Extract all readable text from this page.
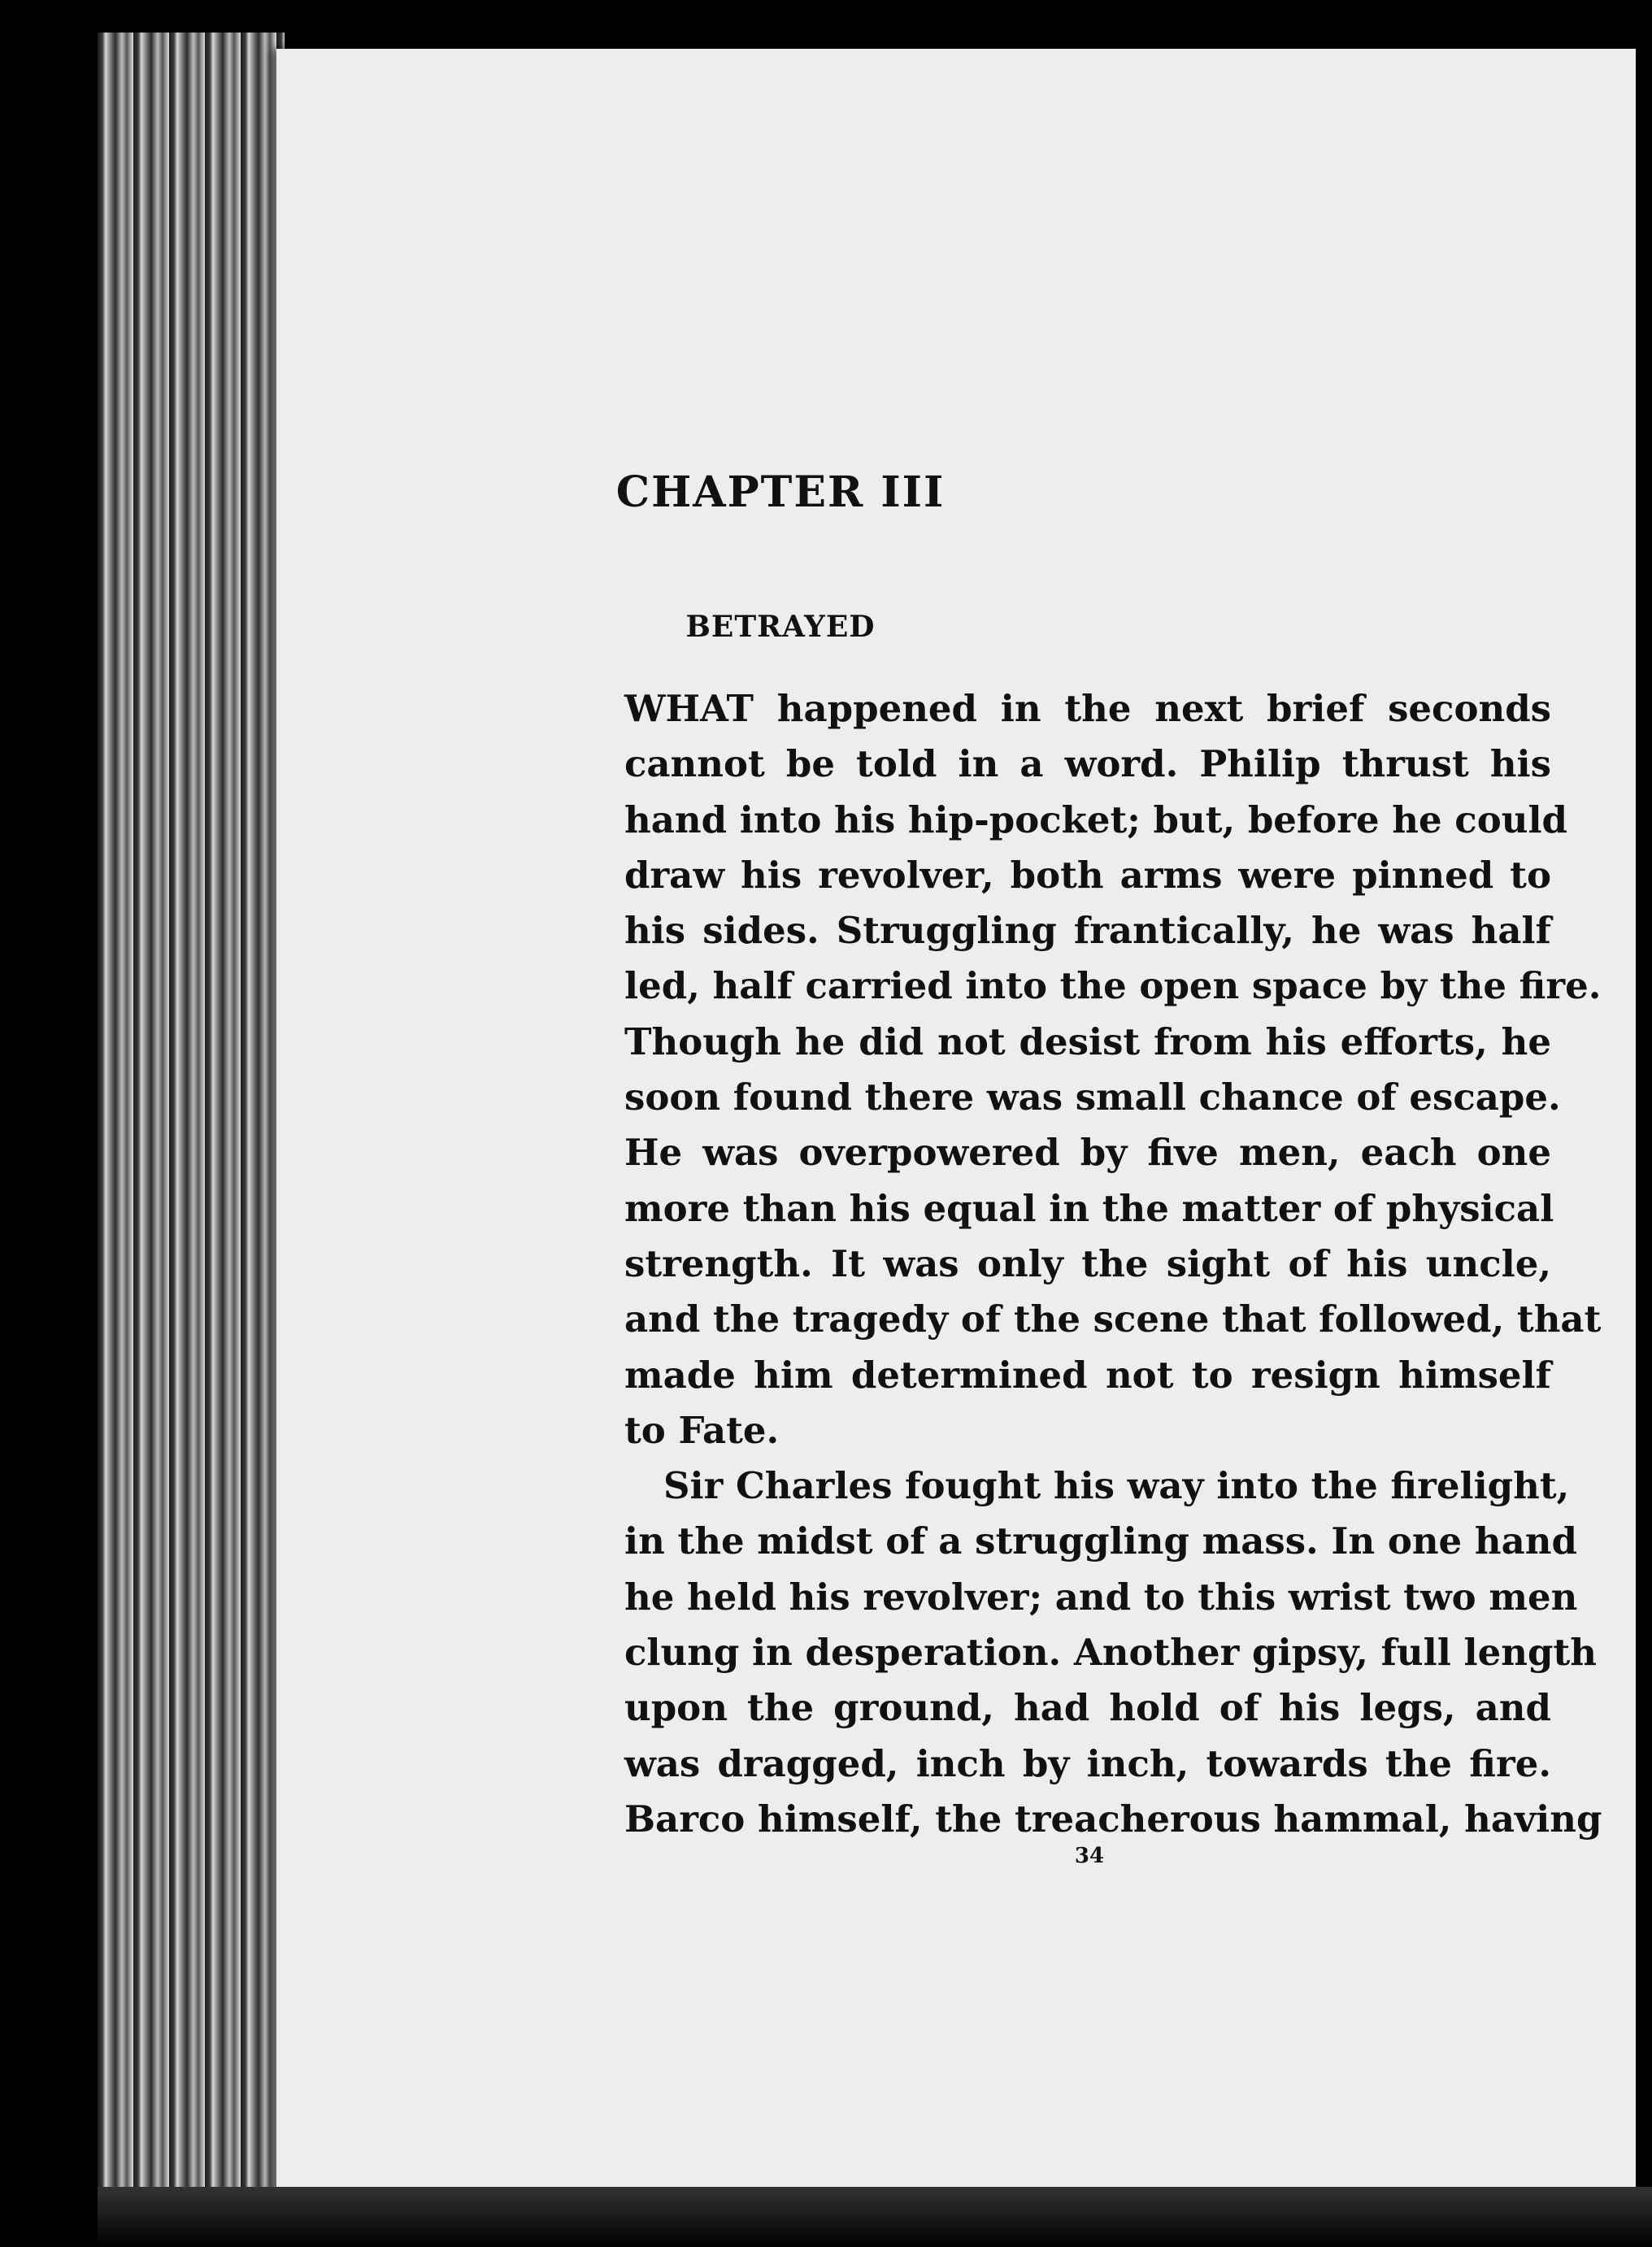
CHAPTER III
BETRAYED
WHAT happened in the next brief seconds
cannot be told in a word. Philip thrust his
hand into his hip-pocket; but, before he could
draw his revolver, both arms were pinned to
his sides. Struggling frantically, he was half
led, half carried into the open space by the fire.
Though he did not desist from his efforts, he
soon found there was small chance of escape.
He was overpowered by five men, each one
more than his equal in the matter of physical
strength. It was only the sight of his uncle,
and the tragedy of the scene that followed, that
made him determined not to resign himself
to Fate.
Sir Charles fought his way into the firelight,
in the midst of a struggling mass. In one hand
he held his revolver; and to this wrist two men
clung in desperation. Another gipsy, full length
upon the ground, had hold of his legs, and
was dragged, inch by inch, towards the fire.
Barco himself, the treacherous hammal, having
34
